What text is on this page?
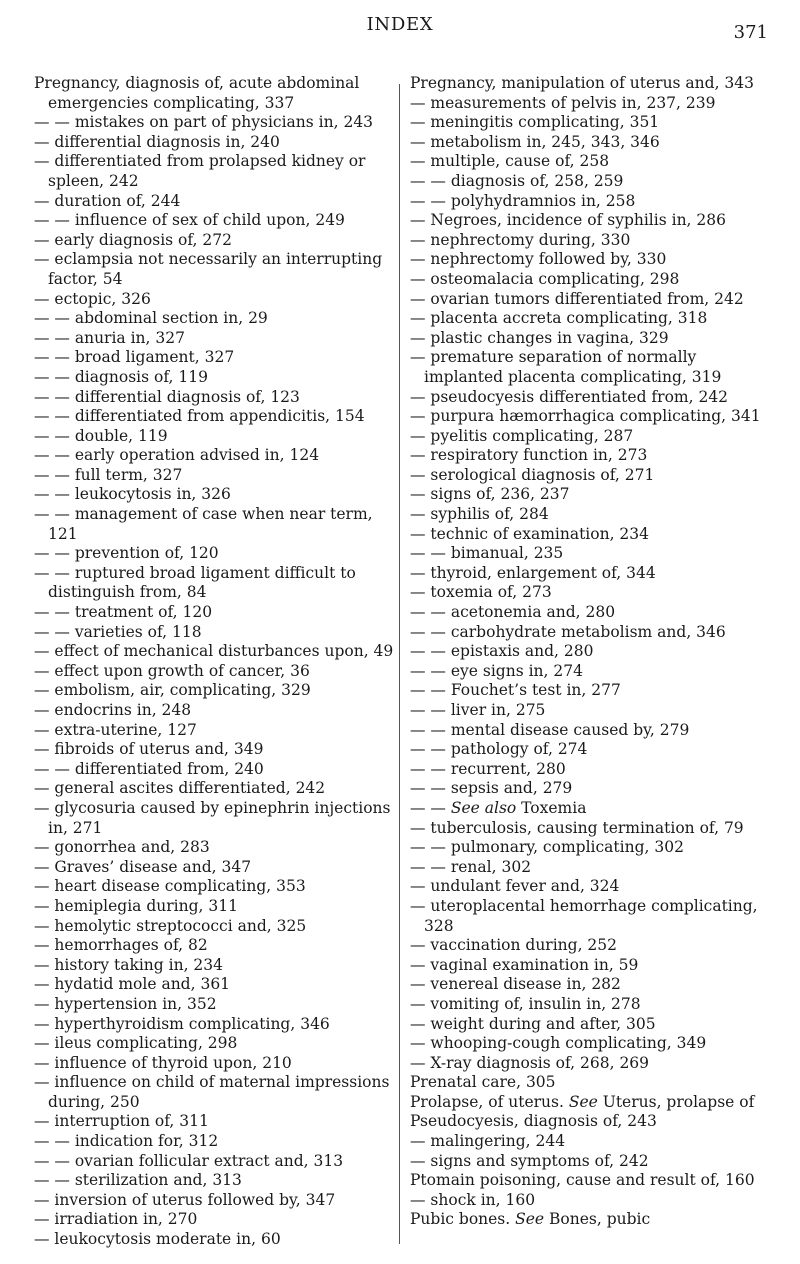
INDEX	371
Pregnancy, diagnosis of, acute abdominal emergencies complicating, 337
— — mistakes on part of physicians in, 243
— differential diagnosis in, 240
— differentiated from prolapsed kidney or spleen, 242
— duration of, 244
— — influence of sex of child upon, 249
— early diagnosis of, 272
— eclampsia not necessarily an interrupting factor, 54
— ectopic, 326
— — abdominal section in, 29
— — anuria in, 327
— — broad ligament, 327
— — diagnosis of, 119
— — differential diagnosis of, 123
— — differentiated from appendicitis, 154
— — double, 119
— — early operation advised in, 124
— — full term, 327
— — leukocytosis in, 326
— — management of case when near term, 121
— — prevention of, 120
— — ruptured broad ligament difficult to distinguish from, 84
— — treatment of, 120
— — varieties of, 118
— effect of mechanical disturbances upon, 49
— effect upon growth of cancer, 36
— embolism, air, complicating, 329
— endocrins in, 248
— extra-uterine, 127
— fibroids of uterus and, 349
— — differentiated from, 240
— general ascites differentiated, 242
— glycosuria caused by epinephrin injections in, 271
— gonorrhea and, 283
— Graves’ disease and, 347
— heart disease complicating, 353
— hemiplegia during, 311
— hemolytic streptococci and, 325
— hemorrhages of, 82
— history taking in, 234
— hydatid mole and, 361
— hypertension in, 352
— hyperthyroidism complicating, 346
— ileus complicating, 298
— influence of thyroid upon, 210
— influence on child of maternal impressions during, 250
— interruption of, 311
— — indication for, 312
— — ovarian follicular extract and, 313
— — sterilization and, 313
— inversion of uterus followed by, 347
— irradiation in, 270
— leukocytosis moderate in, 60
Pregnancy, manipulation of uterus and, 343
— measurements of pelvis in, 237, 239
— meningitis complicating, 351
— metabolism in, 245, 343, 346
— multiple, cause of, 258
— — diagnosis of, 258, 259
— — polyhydramnios in, 258
— Negroes, incidence of syphilis in, 286
— nephrectomy during, 330
— nephrectomy followed by, 330
— osteomalacia complicating, 298
— ovarian tumors differentiated from, 242
— placenta accreta complicating, 318
— plastic changes in vagina, 329
— premature separation of normally implanted placenta complicating, 319
— pseudocyesis differentiated from, 242
— purpura hæmorrhagica complicating, 341
— pyelitis complicating, 287
— respiratory function in, 273
— serological diagnosis of, 271
— signs of, 236, 237
— syphilis of, 284
— technic of examination, 234
— — bimanual, 235
— thyroid, enlargement of, 344
— toxemia of, 273
— — acetonemia and, 280
— — carbohydrate metabolism and, 346
— — epistaxis and, 280
— — eye signs in, 274
— — Fouchet’s test in, 277
— — liver in, 275
— — mental disease caused by, 279
— — pathology of, 274
— — recurrent, 280
— — sepsis and, 279
— — See also Toxemia
— tuberculosis, causing termination of, 79
— — pulmonary, complicating, 302
— — renal, 302
— undulant fever and, 324
— uteroplacental hemorrhage complicating, 328
— vaccination during, 252
— vaginal examination in, 59
— venereal disease in, 282
— vomiting of, insulin in, 278
— weight during and after, 305
— whooping-cough complicating, 349
— X-ray diagnosis of, 268, 269
Prenatal care, 305
Prolapse, of uterus. See Uterus, prolapse of
Pseudocyesis, diagnosis of, 243
— malingering, 244
— signs and symptoms of, 242
Ptomain poisoning, cause and result of, 160
— shock in, 160
Pubic bones. See Bones, pubic
